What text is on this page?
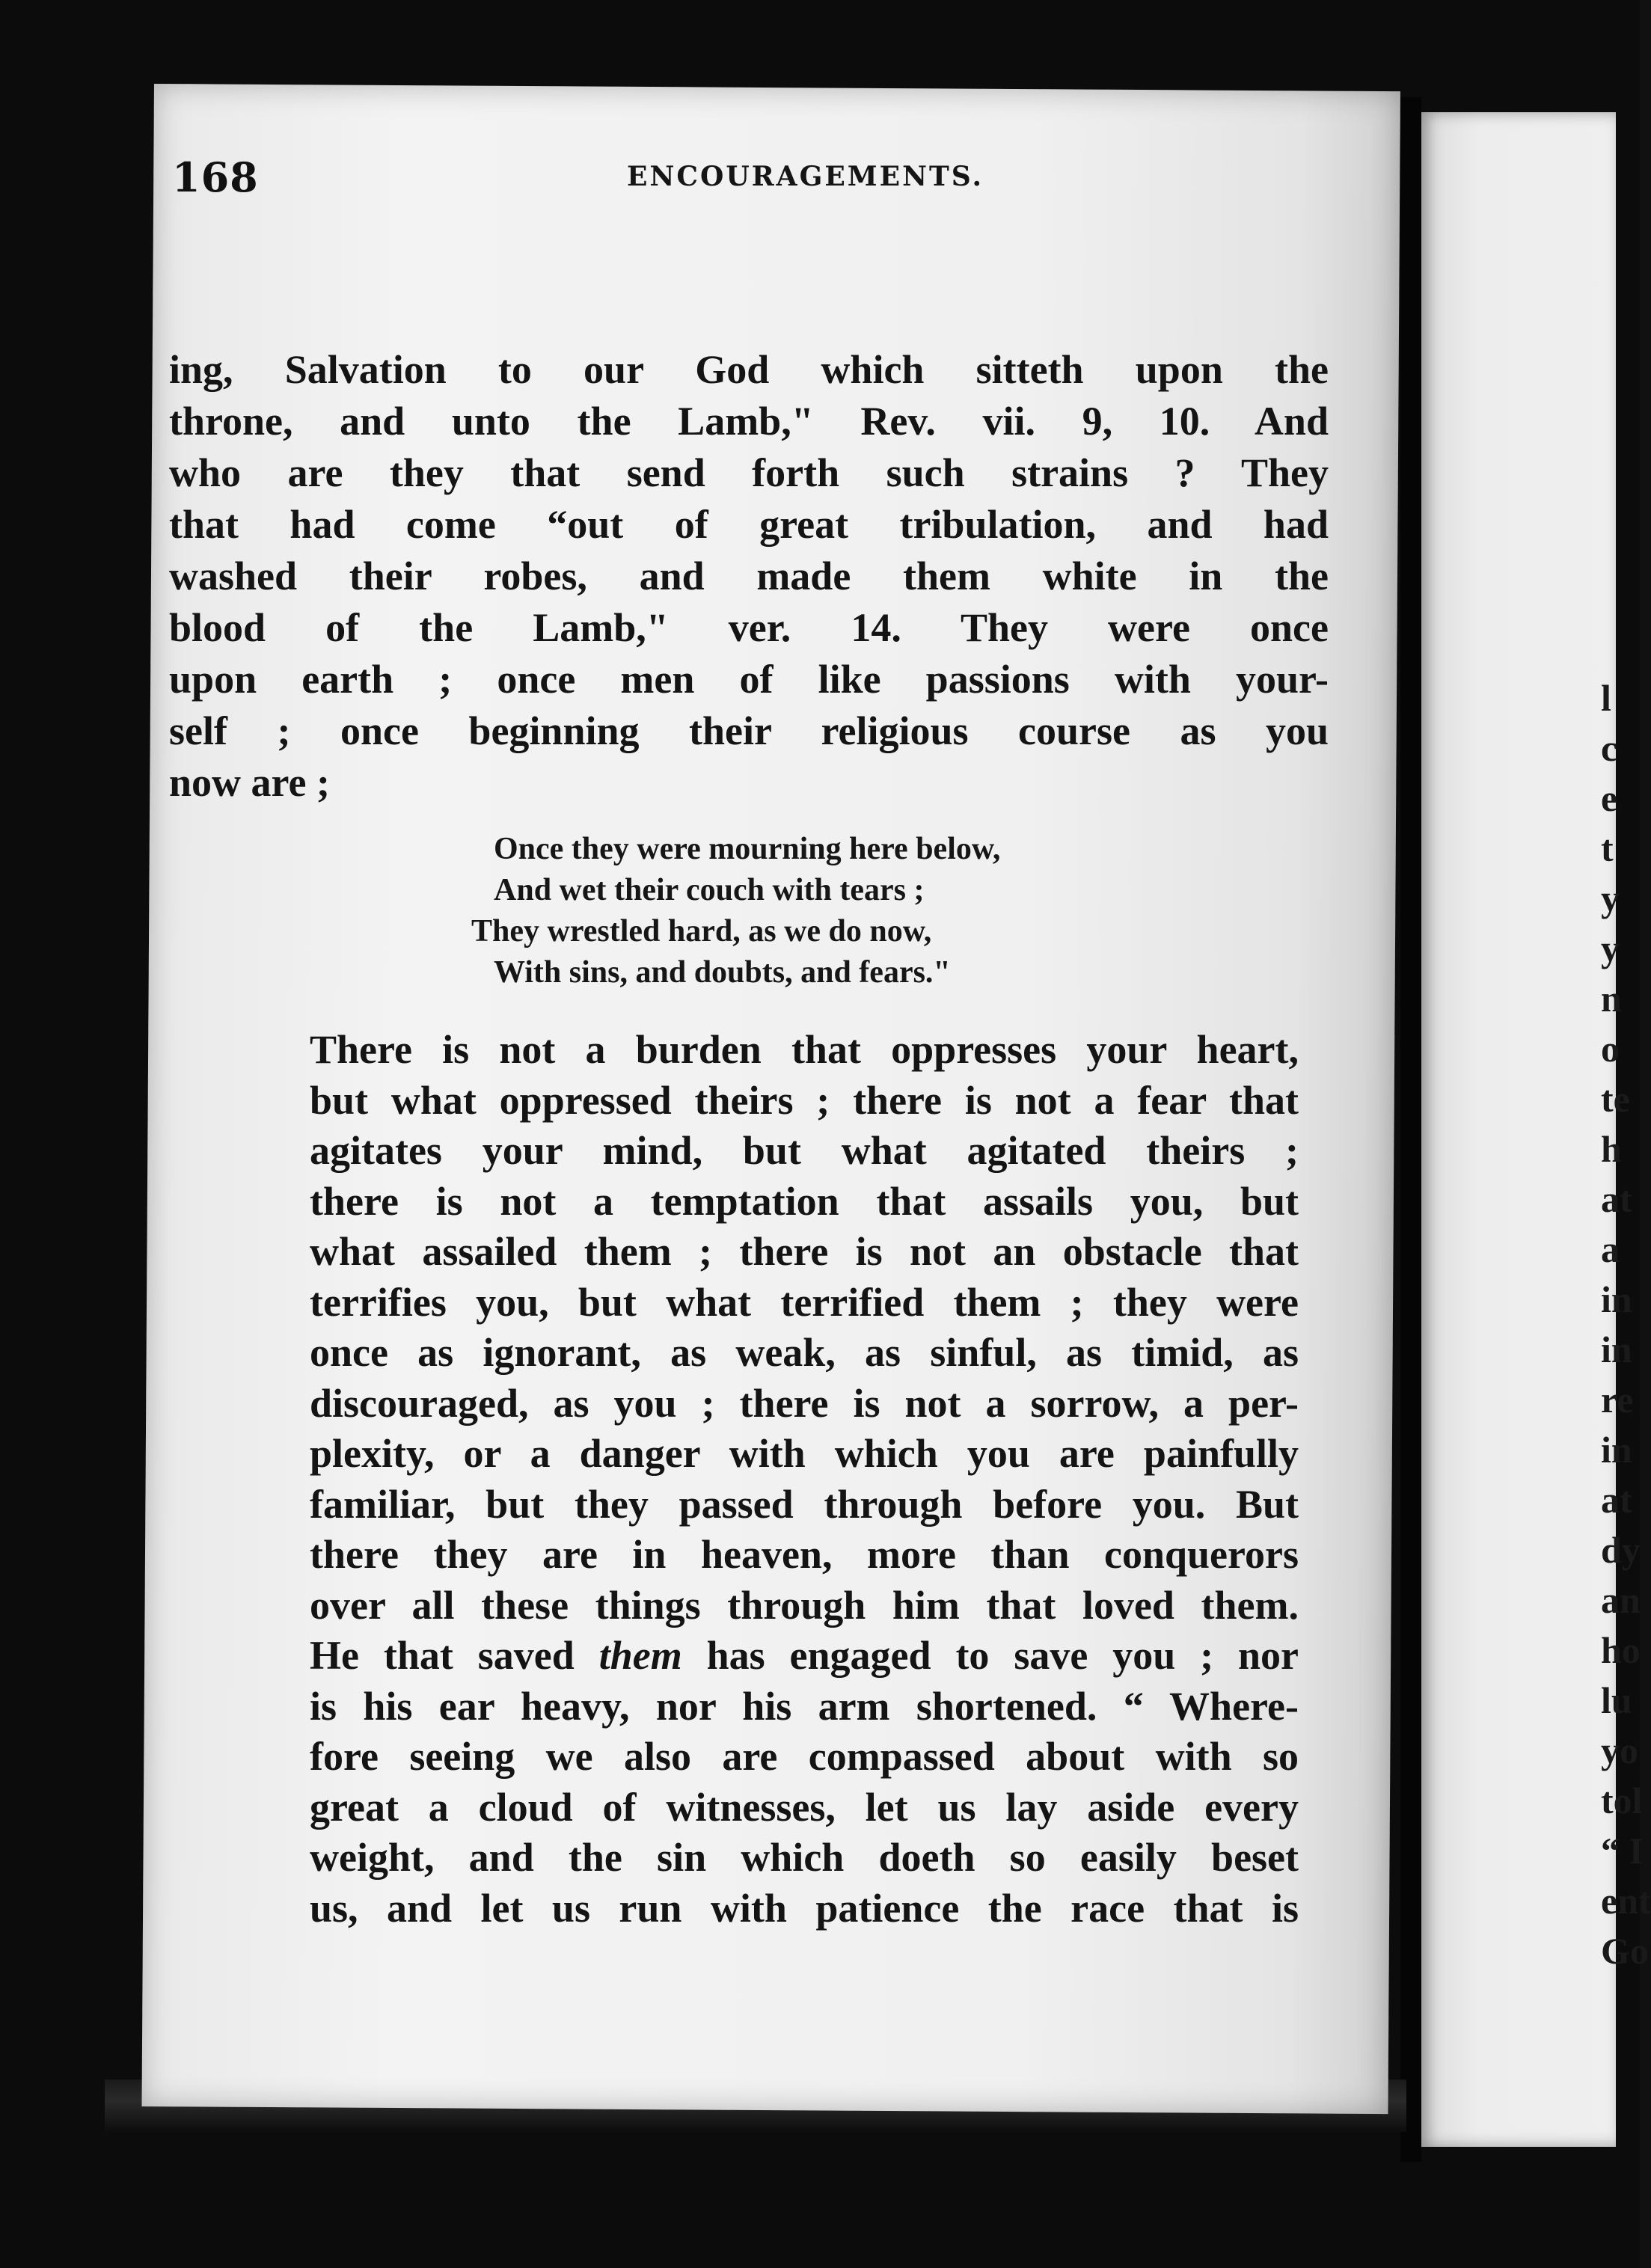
168	ENCOURAGEMENTS.
ing, Salvation to our God which sitteth upon the
throne, and unto the Lamb," Rev. vii. 9, 10. And
who are they that send forth such strains ? They
that had come “out of great tribulation, and had
washed their robes, and made them white in the
blood of the Lamb," ver. 14. They were once
upon earth ; once men of like passions with your-
self ; once beginning their religious course as you
now are ;
Once they were mourning here below,
And wet their couch with tears ;
They wrestled hard, as we do now,
With sins, and doubts, and fears."
There is not a burden that oppresses your heart,
but what oppressed theirs ; there is not a fear that
agitates your mind, but what agitated theirs ;
there is not a temptation that assails you, but
what assailed them ; there is not an obstacle that
terrifies you, but what terrified them ; they were
once as ignorant, as weak, as sinful, as timid, as
discouraged, as you ; there is not a sorrow, a per-
plexity, or a danger with which you are painfully
familiar, but they passed through before you. But
there they are in heaven, more than conquerors
over all these things through him that loved them.
He that saved them has engaged to save you ; nor
is his ear heavy, nor his arm shortened. “ Where-
fore seeing we also are compassed about with so
great a cloud of witnesses, let us lay aside every
weight, and the sin which doeth so easily beset
us, and let us run with patience the race that is
l
c
e
t
y
y
n
o
te
h
at
a
in
in
re
in
at
dy
an
ho
lu
yo
tol
“ I
ent
Go
